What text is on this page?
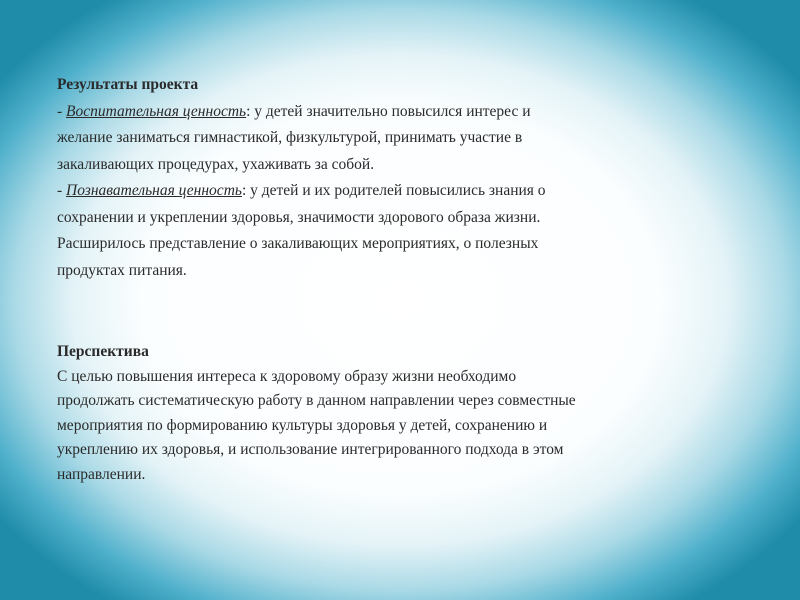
Результаты проекта
- Воспитательная ценность: у детей значительно повысился интерес и
желание заниматься гимнастикой, физкультурой, принимать участие в
закаливающих процедурах, ухаживать за собой.
- Познавательная ценность: у детей и их родителей повысились знания о
сохранении и укреплении здоровья, значимости здорового образа жизни.
Расширилось представление о закаливающих мероприятиях, о полезных
продуктах питания.
Перспектива
С целью повышения интереса к здоровому образу жизни необходимо
продолжать систематическую работу в данном направлении через совместные
мероприятия по формированию культуры здоровья у детей, сохранению и
укреплению их здоровья, и использование интегрированного подхода в этом
направлении.
